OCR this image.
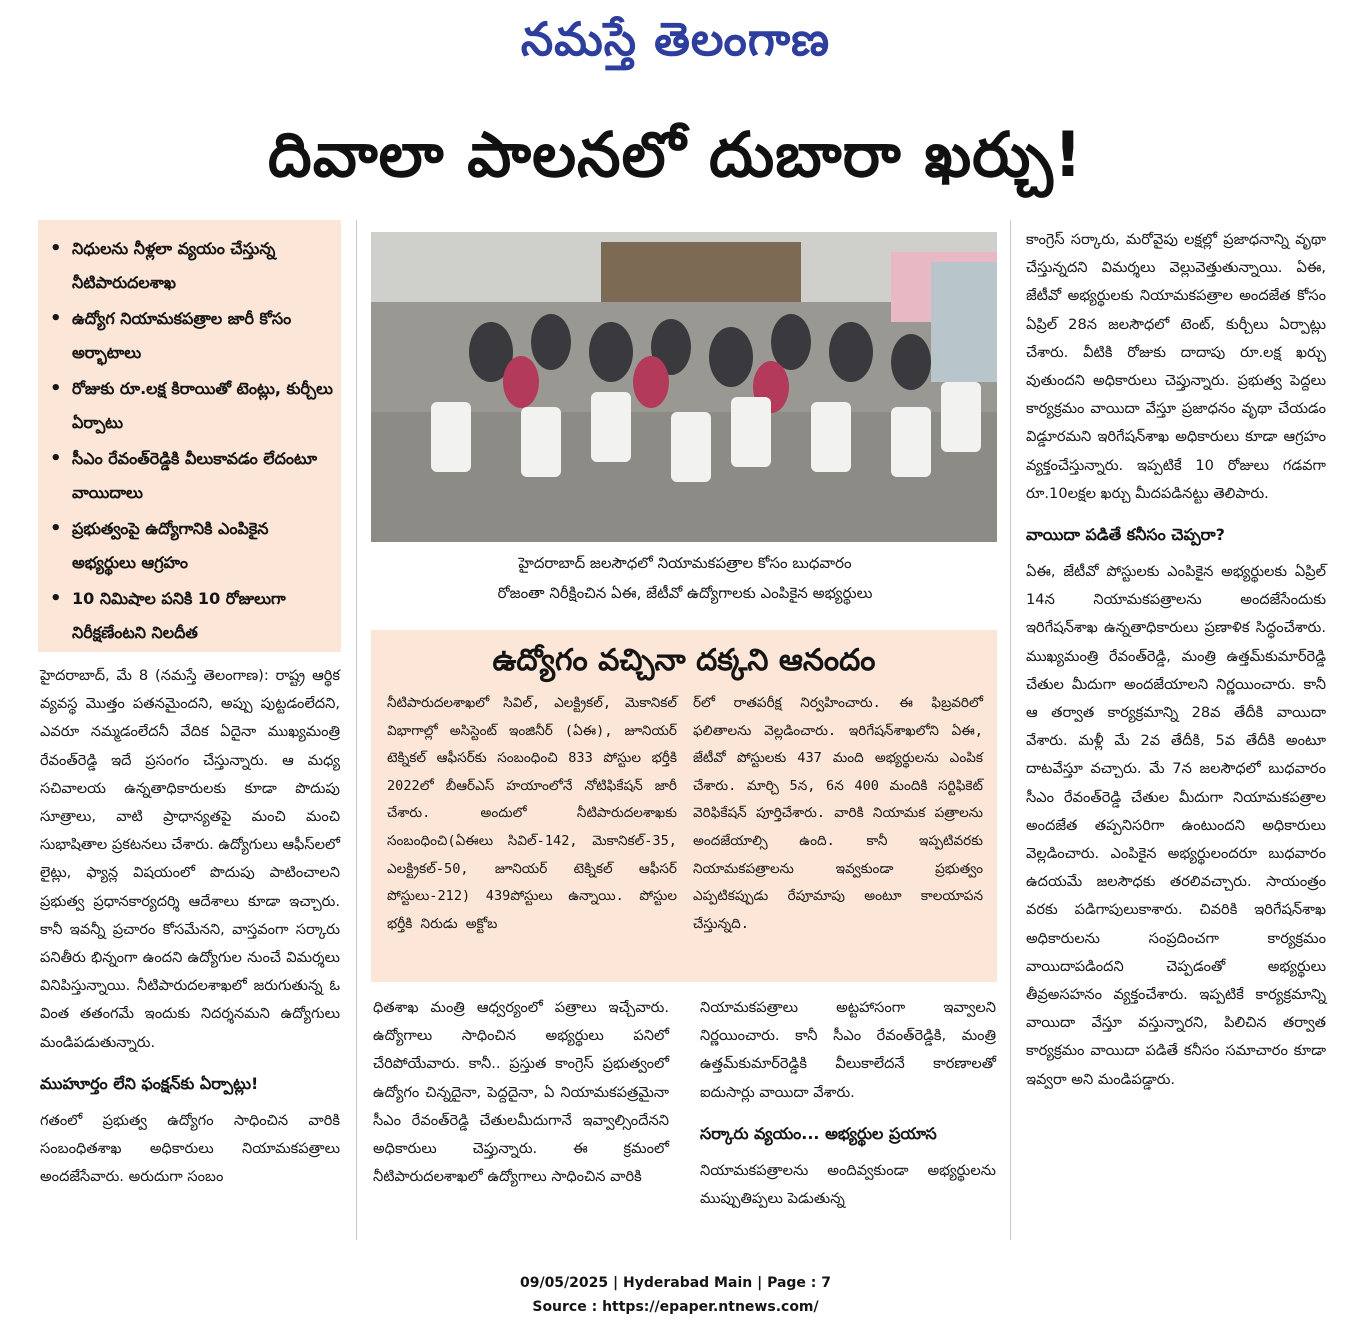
నమస్తే తెలంగాణ
దివాలా పాలనలో దుబారా ఖర్చు!
• నిధులను నీళ్లలా వ్యయం చేస్తున్న నీటిపారుదలశాఖ
• ఉద్యోగ నియామకపత్రాల జారీ కోసం అర్భాటాలు
• రోజుకు రూ.లక్ష కిరాయితో టెంట్లు, కుర్చీలు ఏర్పాటు
• సీఎం రేవంత్‌రెడ్డికి వీలుకావడం లేదంటూ వాయిదాలు
• ప్రభుత్వంపై ఉద్యోగానికి ఎంపికైన అభ్యర్థులు ఆగ్రహం
• 10 నిమిషాల పనికి 10 రోజులుగా నిరీక్షణేంటని నిలదీత
హైదరాబాద్ జలసౌధలో నియామకపత్రాల కోసం బుధవారం
రోజంతా నిరీక్షించిన ఏఈ, జేటీవో ఉద్యోగాలకు ఎంపికైన అభ్యర్థులు

హైదరాబాద్, మే 8 (నమస్తే తెలంగాణ): రాష్ట్ర ఆర్థిక వ్యవస్థ మొత్తం పతనమైందని, అప్పు పుట్టడంలేదని, ఎవరూ నమ్మడంలేదనీ వేదిక ఏదైనా ముఖ్యమంత్రి రేవంత్‌రెడ్డి ఇదే ప్రసంగం చేస్తున్నారు. ఆ మధ్య సచివాలయ ఉన్నతాధికారులకు కూడా పొదుపు సూత్రాలు, వాటి ప్రాధాన్యతపై మంచి మంచి సుభాషితాల ప్రకటనలు చేశారు. ఉద్యోగులు ఆఫీస్‌లలో లైట్లు, ఫ్యాన్ల విషయంలో పొదుపు పాటించాలని ప్రభుత్వ ప్రధానకార్యదర్శి ఆదేశాలు కూడా ఇచ్చారు. కానీ ఇవన్నీ ప్రచారం కోసమేనని, వాస్తవంగా సర్కారు పనితీరు భిన్నంగా ఉందని ఉద్యోగుల నుంచే విమర్శలు వినిపిస్తున్నాయి. నీటిపారుదలశాఖలో జరుగుతున్న ఓ వింత తతంగమే ఇందుకు నిదర్శనమని ఉద్యోగులు మండిపడుతున్నారు.

ముహూర్తం లేని ఫంక్షన్‌కు ఏర్పాట్లు!

గతంలో ప్రభుత్వ ఉద్యోగం సాధించిన వారికి సంబంధితశాఖ అధికారులు నియామకపత్రాలు అందజేసేవారు. అరుదుగా సంబం

ఉద్యోగం వచ్చినా దక్కని ఆనందం

నీటిపారుదలశాఖలో సివిల్, ఎలక్ట్రికల్, మెకానికల్ విభాగాల్లో అసిస్టెంట్ ఇంజినీర్ (ఏఈ), జూనియర్ టెక్నికల్ ఆఫీసర్‌కు సంబంధించి 833 పోస్టుల భర్తీకి 2022లో బీఆర్‌ఎస్ హయాంలోనే నోటిఫికేషన్ జారీ చేశారు. అందులో నీటిపారుదలశాఖకు సంబంధించి(ఏఈలు సివిల్-142, మెకానికల్-35, ఎలక్ట్రికల్-50, జూనియర్ టెక్నికల్ ఆఫీసర్ పోస్టులు-212) 439పోస్టులు ఉన్నాయి. పోస్టుల భర్తీకి నిరుడు అక్టోబ

ర్‌లో రాతపరీక్ష నిర్వహించారు. ఈ ఫిబ్రవరిలో ఫలితాలను వెల్లడించారు. ఇరిగేషన్‌శాఖలోని ఏఈ, జేటీవో పోస్టులకు 437 మంది అభ్యర్థులను ఎంపిక చేశారు. మార్చి 5న, 6న 400 మందికి సర్టిఫికెట్ వెరిఫికేషన్ పూర్తిచేశారు. వారికి నియామక పత్రాలను అందజేయాల్సి ఉంది. కానీ ఇప్పటివరకు నియామకపత్రాలను ఇవ్వకుండా ప్రభుత్వం ఎప్పటికప్పుడు రేపూమాపు అంటూ కాలయాపన చేస్తున్నది.

ధితశాఖ మంత్రి ఆధ్వర్యంలో పత్రాలు ఇచ్చేవారు. ఉద్యోగాలు సాధించిన అభ్యర్థులు పనిలో చేరిపోయేవారు. కానీ.. ప్రస్తుత కాంగ్రెస్ ప్రభుత్వంలో ఉద్యోగం చిన్నదైనా, పెద్దదైనా, ఏ నియామకపత్రమైనా సీఎం రేవంత్‌రెడ్డి చేతులమీదుగానే ఇవ్వాల్సిందేనని అధికారులు చెప్తున్నారు. ఈ క్రమంలో నీటిపారుదలశాఖలో ఉద్యోగాలు సాధించిన వారికి

నియామకపత్రాలు అట్టహాసంగా ఇవ్వాలని నిర్ణయించారు. కానీ సీఎం రేవంత్‌రెడ్డికి, మంత్రి ఉత్తమ్‌కుమార్‌రెడ్డికి వీలుకాలేదనే కారణాలతో ఐదుసార్లు వాయిదా వేశారు.

సర్కారు వ్యయం... అభ్యర్థుల ప్రయాస

నియామకపత్రాలను అందివ్వకుండా అభ్యర్థులను ముప్పుతిప్పలు పెడుతున్న

కాంగ్రెస్ సర్కారు, మరోవైపు లక్షల్లో ప్రజాధనాన్ని వృథా చేస్తున్నదని విమర్శలు వెల్లువెత్తుతున్నాయి. ఏఈ, జేటీవో అభ్యర్థులకు నియామకపత్రాల అందజేత కోసం ఏప్రిల్ 28న జలసౌధలో టెంట్, కుర్చీలు ఏర్పాట్లు చేశారు. వీటికి రోజుకు దాదాపు రూ.లక్ష ఖర్చు వుతుందని అధికారులు చెప్తున్నారు. ప్రభుత్వ పెద్దలు కార్యక్రమం వాయిదా వేస్తూ ప్రజాధనం వృథా చేయడం విడ్డూరమని ఇరిగేషన్‌శాఖ అధికారులు కూడా ఆగ్రహం వ్యక్తంచేస్తున్నారు. ఇప్పటికే 10 రోజులు గడవగా రూ.10లక్షల ఖర్చు మీదపడినట్టు తెలిపారు.

వాయిదా పడితే కనీసం చెప్పరా?

ఏఈ, జేటీవో పోస్టులకు ఎంపికైన అభ్యర్థులకు ఏప్రిల్ 14న నియామకపత్రాలను అందజేసేందుకు ఇరిగేషన్‌శాఖ ఉన్నతాధికారులు ప్రణాళిక సిద్ధంచేశారు. ముఖ్యమంత్రి రేవంత్‌రెడ్డి, మంత్రి ఉత్తమ్‌కుమార్‌రెడ్డి చేతుల మీదుగా అందజేయాలని నిర్ణయించారు. కానీ ఆ తర్వాత కార్యక్రమాన్ని 28వ తేదీకి వాయిదా వేశారు. మళ్లీ మే 2వ తేదీకి, 5వ తేదీకి అంటూ దాటవేస్తూ వచ్చారు. మే 7న జలసౌధలో బుధవారం సీఎం రేవంత్‌రెడ్డి చేతుల మీదుగా నియామకపత్రాల అందజేత తప్పనిసరిగా ఉంటుందని అధికారులు వెల్లడించారు. ఎంపికైన అభ్యర్థులందరూ బుధవారం ఉదయమే జలసౌధకు తరలివచ్చారు. సాయంత్రం వరకు పడిగాపులుకాశారు. చివరికి ఇరిగేషన్‌శాఖ అధికారులను సంప్రదించగా కార్యక్రమం వాయిదాపడిందని చెప్పడంతో అభ్యర్థులు తీవ్రఅసహనం వ్యక్తంచేశారు. ఇప్పటికే కార్యక్రమాన్ని వాయిదా వేస్తూ వస్తున్నారని, పిలిచిన తర్వాత కార్యక్రమం వాయిదా పడితే కనీసం సమాచారం కూడా ఇవ్వరా అని మండిపడ్డారు.

09/05/2025 | Hyderabad Main | Page : 7
Source : https://epaper.ntnews.com/
